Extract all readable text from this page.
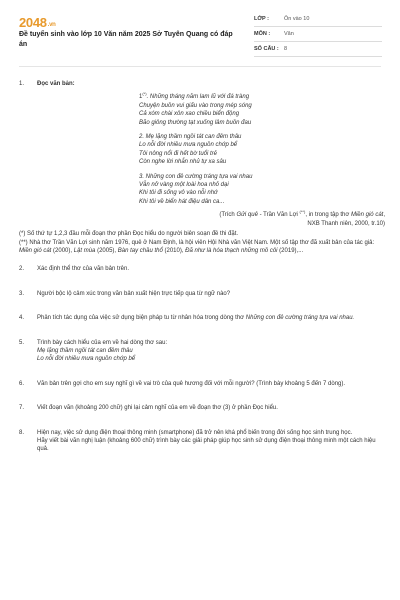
2048.vn
Đề tuyển sinh vào lớp 10 Văn năm 2025 Sở Tuyên Quang có đáp án
LỚP :	Ôn vào 10
MÔN :	Văn
SỐ CÂU : 8
1.	Đọc văn bản:
1(*). Những tháng năm lam lũ với đá tràng
Chuyện buồn vui giấu vào trong mép sóng
Cả xóm chài xôn xao chiều biển động
Bão giông thường tạt xuống lâm buồn đau
2. Mẹ lặng thầm ngồi tát can đêm thâu
Lo nỗi đời nhiều mưa nguồn chớp bể
Tôi nông nổi đi hết bờ tuổi trẻ
Còn nghe lời nhắn nhủ tự xa sâu
3. Những con đê cường tráng tựa vai nhau
Vẫn nở vàng một loài hoa nhỏ dại
Khi tôi đi sống vô vào nỗi nhớ
Khi tôi về biển hát điệu dân ca...
(Trích Gửi quê - Trần Văn Lợi (**), in trong tập thơ Miền gió cát,
NXB Thanh niên, 2000, tr.10)

(*) Số thứ tự 1,2,3 đầu mỗi đoạn thơ phần Đọc hiểu do người biên soạn đề thi đặt.

(**) Nhà thơ Trần Văn Lợi sinh năm 1976, quê ở Nam Định, là hội viên Hội Nhà văn Việt Nam. Một số tập thơ đã xuất bản của tác giả: Miền gió cát (2000), Lật mùa (2005), Bàn tay chầu thổ (2010), Đã như là hóa thạch những mồ côi (2019),...

2.	Xác định thể thơ của văn bản trên.
3.	Người bộc lộ cảm xúc trong văn bản xuất hiện trực tiếp qua từ ngữ nào?
4.	Phân tích tác dụng của việc sử dụng biện pháp tu từ nhân hóa trong dòng thơ Những con đê cường tráng tựa vai nhau.
5.	Trình bày cách hiểu của em về hai dòng thơ sau:
Mẹ lặng thầm ngồi tát can đêm thâu
Lo nỗi đời nhiều mưa nguồn chớp bể
6.	Văn bản trên gợi cho em suy nghĩ gì về vai trò của quê hương đối với mỗi người? (Trình bày khoảng 5 đến 7 dòng).
7.	Viết đoạn văn (khoảng 200 chữ) ghi lại cảm nghĩ của em về đoạn thơ (3) ở phần Đọc hiểu.
8.	Hiện nay, việc sử dụng điện thoại thông minh (smartphone) đã trở nên khá phổ biến trong đời sống học sinh trung học.
Hãy viết bài văn nghị luận (khoảng 600 chữ) trình bày các giải pháp giúp học sinh sử dụng điện thoại thông minh một cách hiệu quả.
